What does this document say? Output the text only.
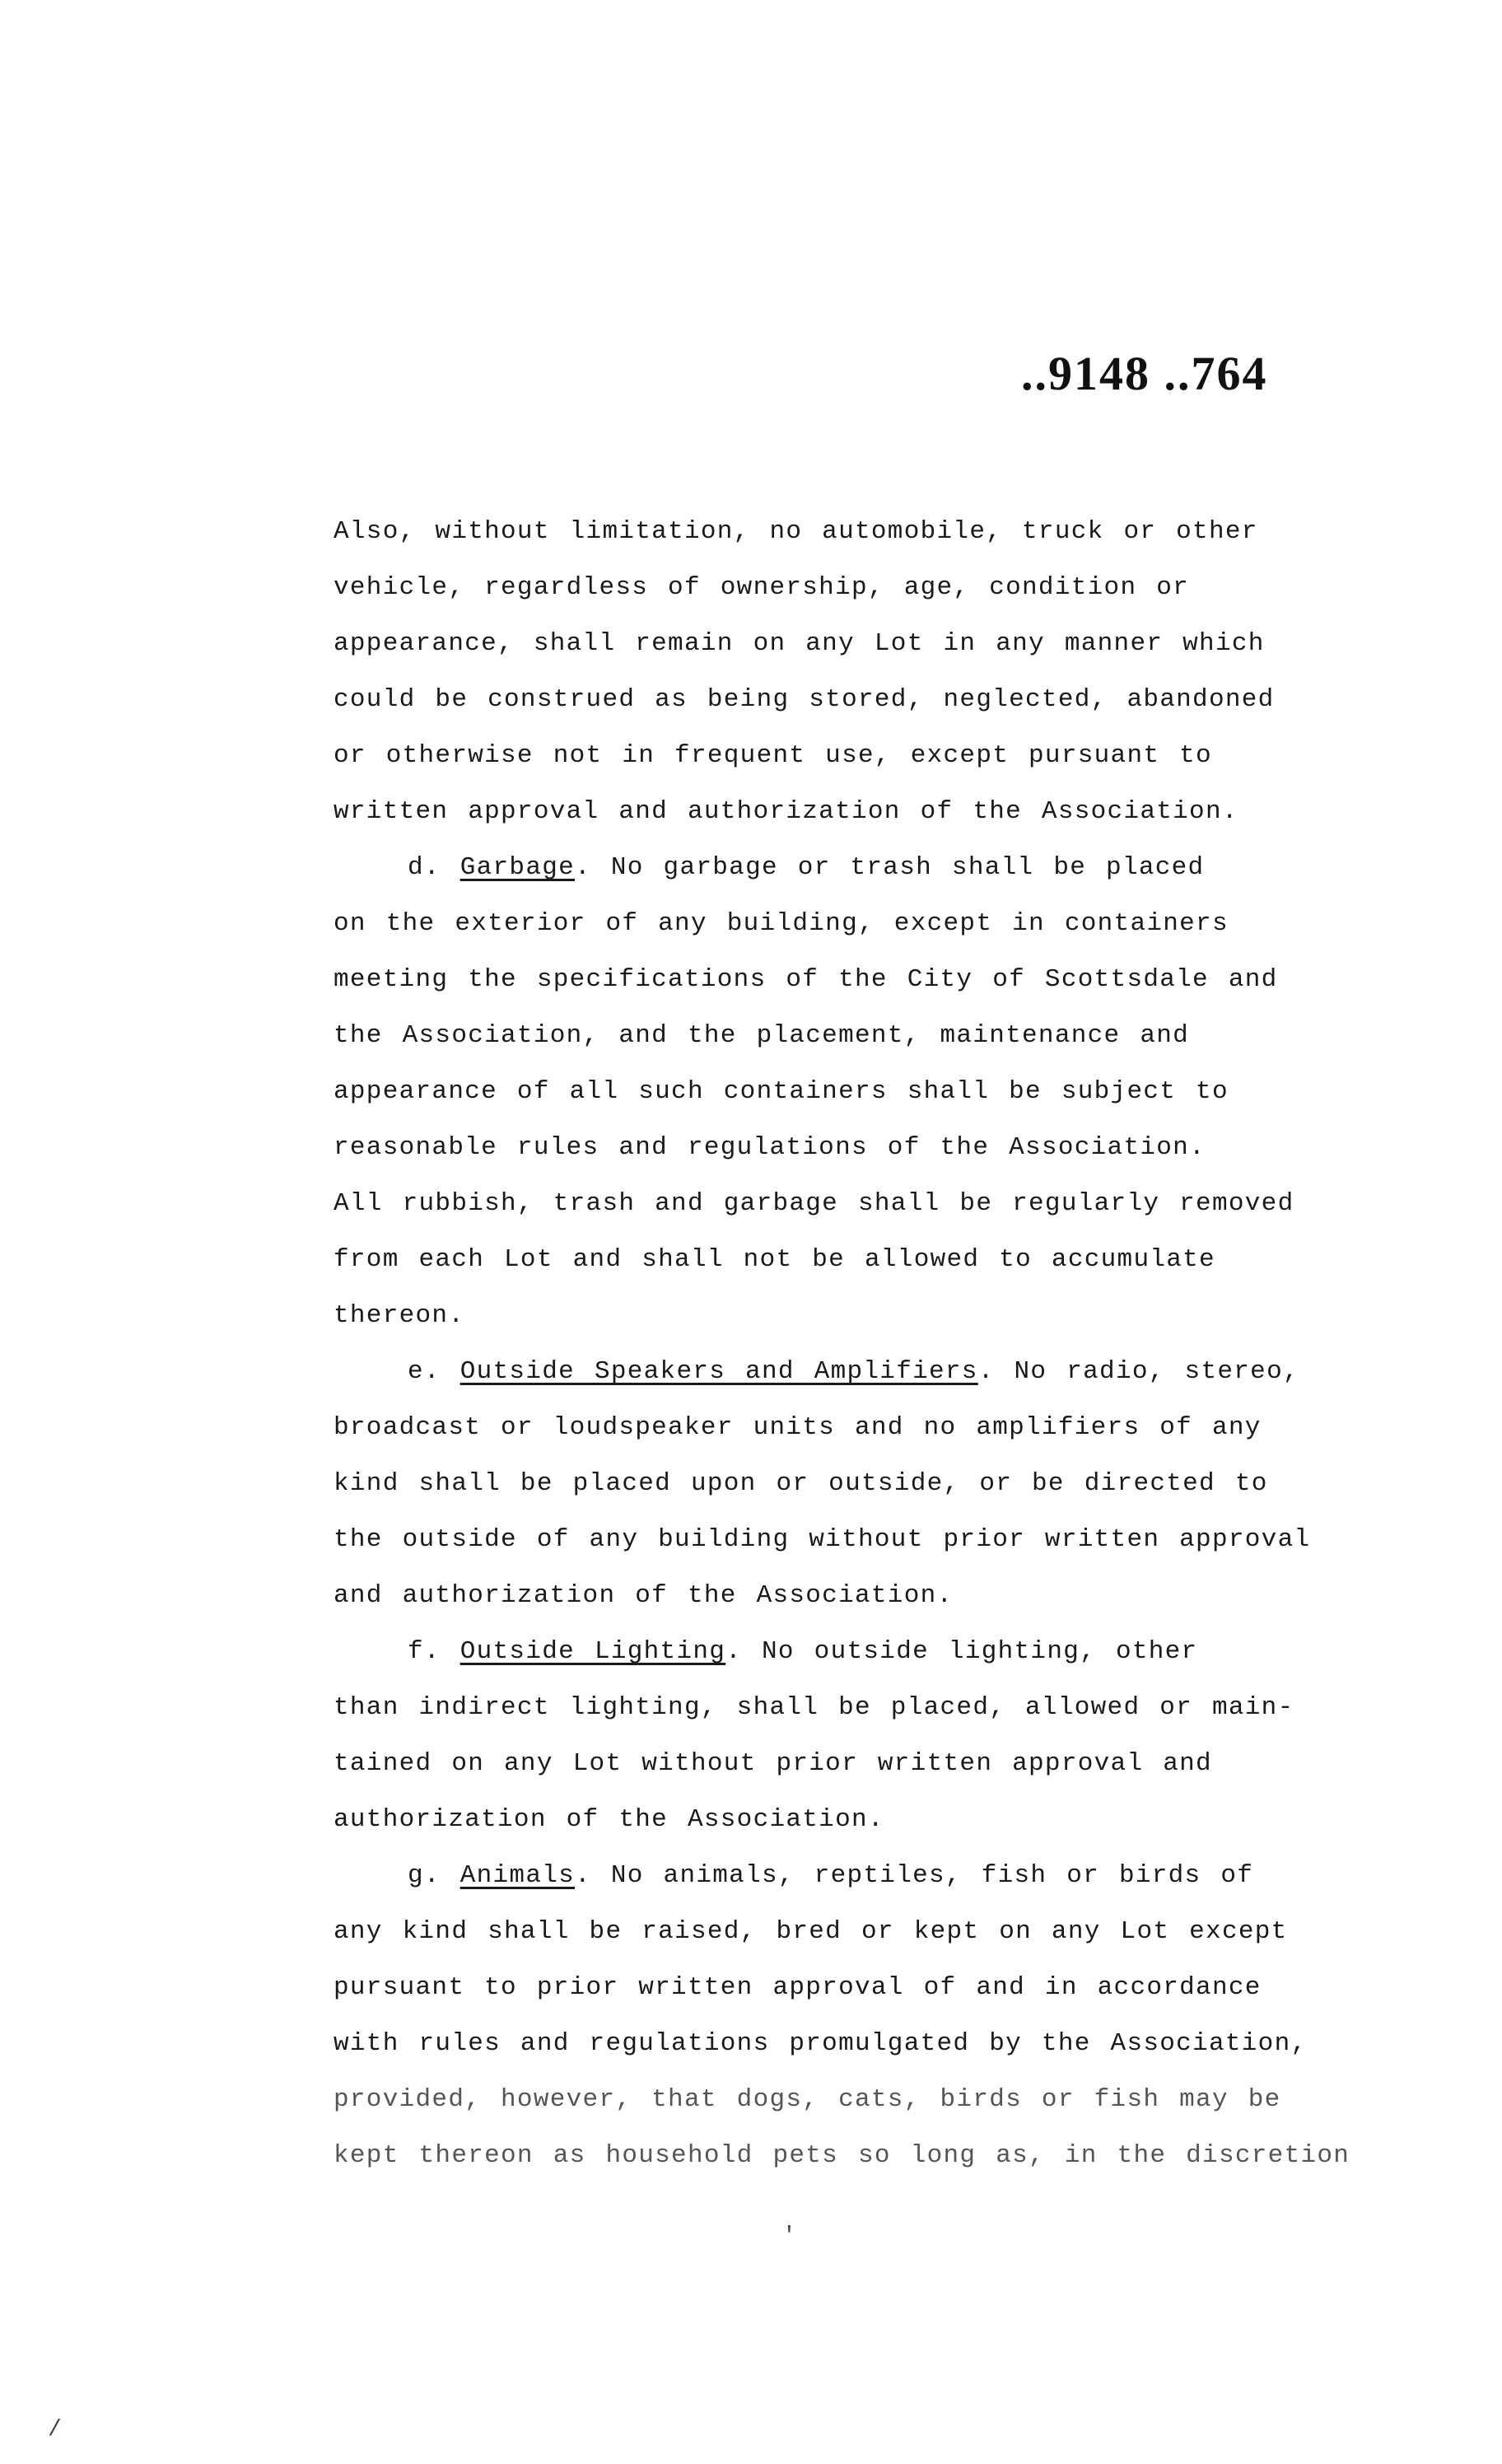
..9148 ..764
Also, without limitation, no automobile, truck or other
vehicle, regardless of ownership, age, condition or
appearance, shall remain on any Lot in any manner which
could be construed as being stored, neglected, abandoned
or otherwise not in frequent use, except pursuant to
written approval and authorization of the Association.
d. Garbage. No garbage or trash shall be placed
on the exterior of any building, except in containers
meeting the specifications of the City of Scottsdale and
the Association, and the placement, maintenance and
appearance of all such containers shall be subject to
reasonable rules and regulations of the Association.
All rubbish, trash and garbage shall be regularly removed
from each Lot and shall not be allowed to accumulate
thereon.
e. Outside Speakers and Amplifiers. No radio, stereo,
broadcast or loudspeaker units and no amplifiers of any
kind shall be placed upon or outside, or be directed to
the outside of any building without prior written approval
and authorization of the Association.
f. Outside Lighting. No outside lighting, other
than indirect lighting, shall be placed, allowed or main-
tained on any Lot without prior written approval and
authorization of the Association.
g. Animals. No animals, reptiles, fish or birds of
any kind shall be raised, bred or kept on any Lot except
pursuant to prior written approval of and in accordance
with rules and regulations promulgated by the Association,
provided, however, that dogs, cats, birds or fish may be
kept thereon as household pets so long as, in the discretion
'
/
